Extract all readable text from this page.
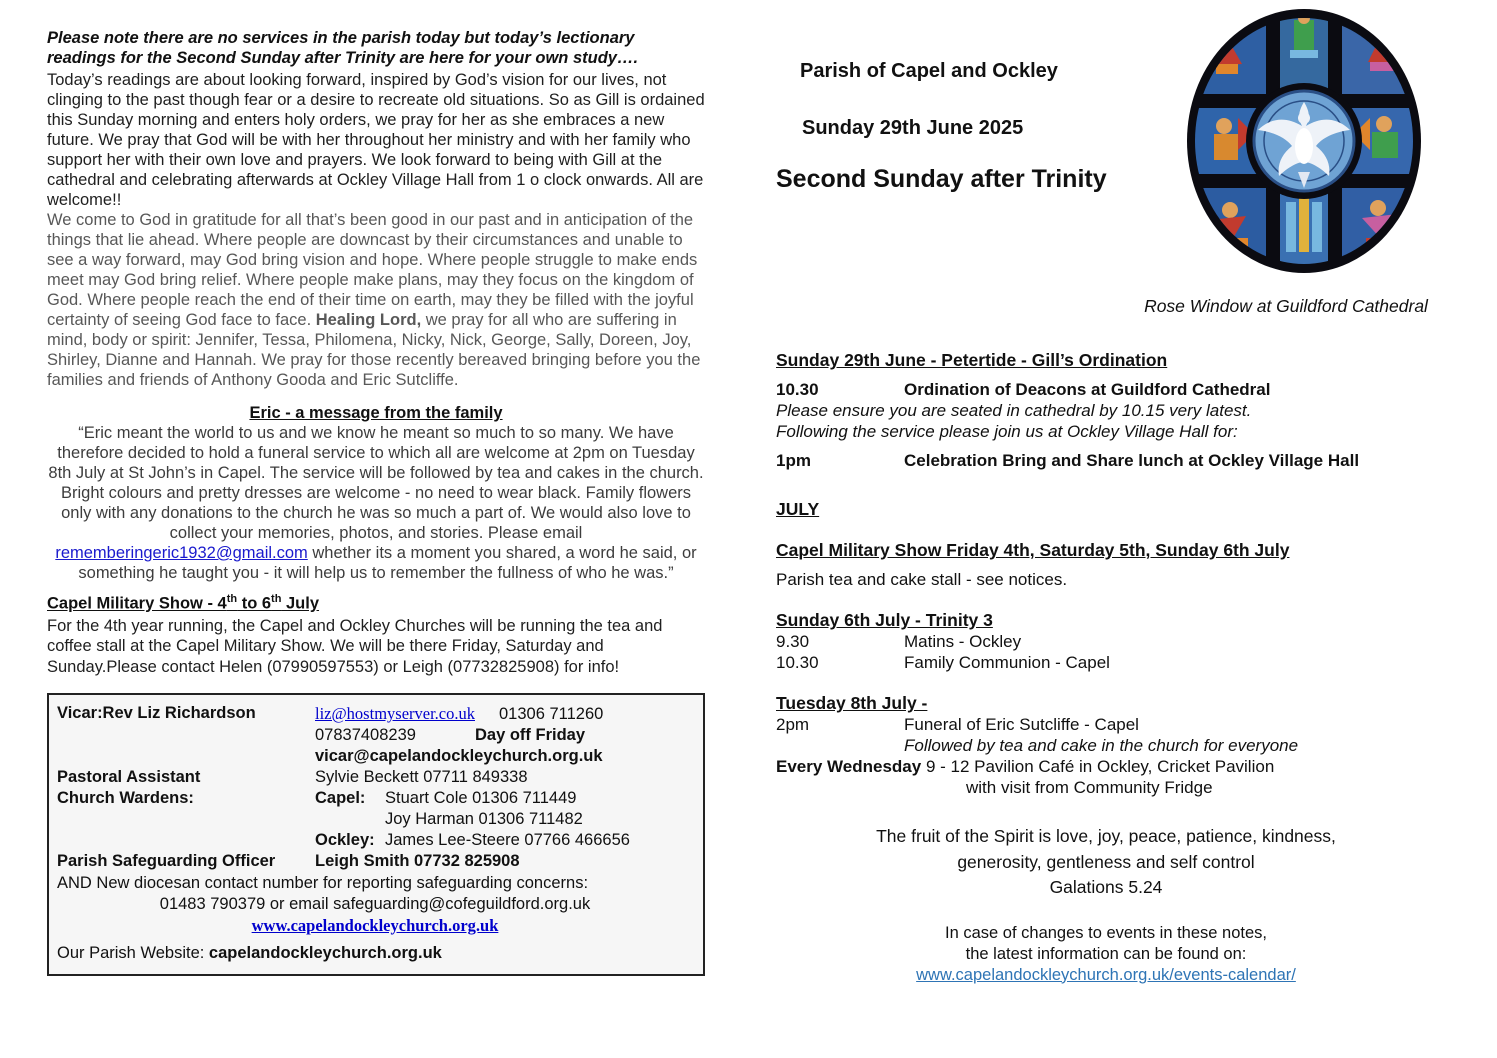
Please note there are no services in the parish today but today’s lectionary readings for the Second Sunday after Trinity are here for your own study….

Today’s readings are about looking forward, inspired by God’s vision for our lives, not clinging to the past though fear or a desire to recreate old situations. So as Gill is ordained this Sunday morning and enters holy orders, we pray for her as she embraces a new future. We pray that God will be with her throughout her ministry and with her family who support her with their own love and prayers. We look forward to being with Gill at the cathedral and celebrating afterwards at Ockley Village Hall from 1 o clock onwards. All are welcome!!

We come to God in gratitude for all that’s been good in our past and in anticipation of the things that lie ahead. Where people are downcast by their circumstances and unable to see a way forward, may God bring vision and hope. Where people struggle to make ends meet may God bring relief. Where people make plans, may they focus on the kingdom of God. Where people reach the end of their time on earth, may they be filled with the joyful certainty of seeing God face to face. Healing Lord, we pray for all who are suffering in mind, body or spirit: Jennifer, Tessa, Philomena, Nicky, Nick, George, Sally, Doreen, Joy, Shirley, Dianne and Hannah. We pray for those recently bereaved bringing before you the families and friends of Anthony Gooda and Eric Sutcliffe.

Eric - a message from the family

“Eric meant the world to us and we know he meant so much to so many. We have therefore decided to hold a funeral service to which all are welcome at 2pm on Tuesday 8th July at St John’s in Capel. The service will be followed by tea and cakes in the church. Bright colours and pretty dresses are welcome - no need to wear black. Family flowers only with any donations to the church he was so much a part of. We would also love to collect your memories, photos, and stories. Please email rememberingeric1932@gmail.com whether its a moment you shared, a word he said, or something he taught you - it will help us to remember the fullness of who he was.”

Capel Military Show - 4th to 6th July

For the 4th year running, the Capel and Ockley Churches will be running the tea and coffee stall at the Capel Military Show. We will be there Friday, Saturday and Sunday.Please contact Helen (07990597553) or Leigh (07732825908) for info!

Vicar:Rev Liz Richardson	liz@hostmyserver.co.uk 01306 711260
07837408239	Day off Friday
vicar@capelandockleychurch.org.uk
Pastoral Assistant	Sylvie Beckett 07711 849338
Church Wardens:	Capel: Stuart Cole 01306 711449
Joy Harman 01306 711482
Ockley: James Lee-Steere 07766 466656
Parish Safeguarding Officer	Leigh Smith 07732 825908
AND New diocesan contact number for reporting safeguarding concerns:
01483 790379 or email safeguarding@cofeguildford.org.uk
www.capelandockleychurch.org.uk
Our Parish Website: capelandockleychurch.org.uk
Parish of Capel and Ockley
Sunday 29th June 2025
Second Sunday after Trinity
Rose Window at Guildford Cathedral

Sunday 29th June - Petertide - Gill’s Ordination

10.30	Ordination of Deacons at Guildford Cathedral

Please ensure you are seated in cathedral by 10.15 very latest.

Following the service please join us at Ockley Village Hall for:

1pm	Celebration Bring and Share lunch at Ockley Village Hall

JULY

Capel Military Show Friday 4th, Saturday 5th, Sunday 6th July

Parish tea and cake stall - see notices.

Sunday 6th July - Trinity 3

9.30	Matins - Ockley

10.30	Family Communion - Capel

Tuesday 8th July -

2pm	Funeral of Eric Sutcliffe - Capel

Followed by tea and cake in the church for everyone

Every Wednesday 9 - 12 Pavilion Café in Ockley, Cricket Pavilion

with visit from Community Fridge

The fruit of the Spirit is love, joy, peace, patience, kindness,
generosity, gentleness and self control
Galations 5.24
In case of changes to events in these notes,
the latest information can be found on:
www.capelandockleychurch.org.uk/events-calendar/
